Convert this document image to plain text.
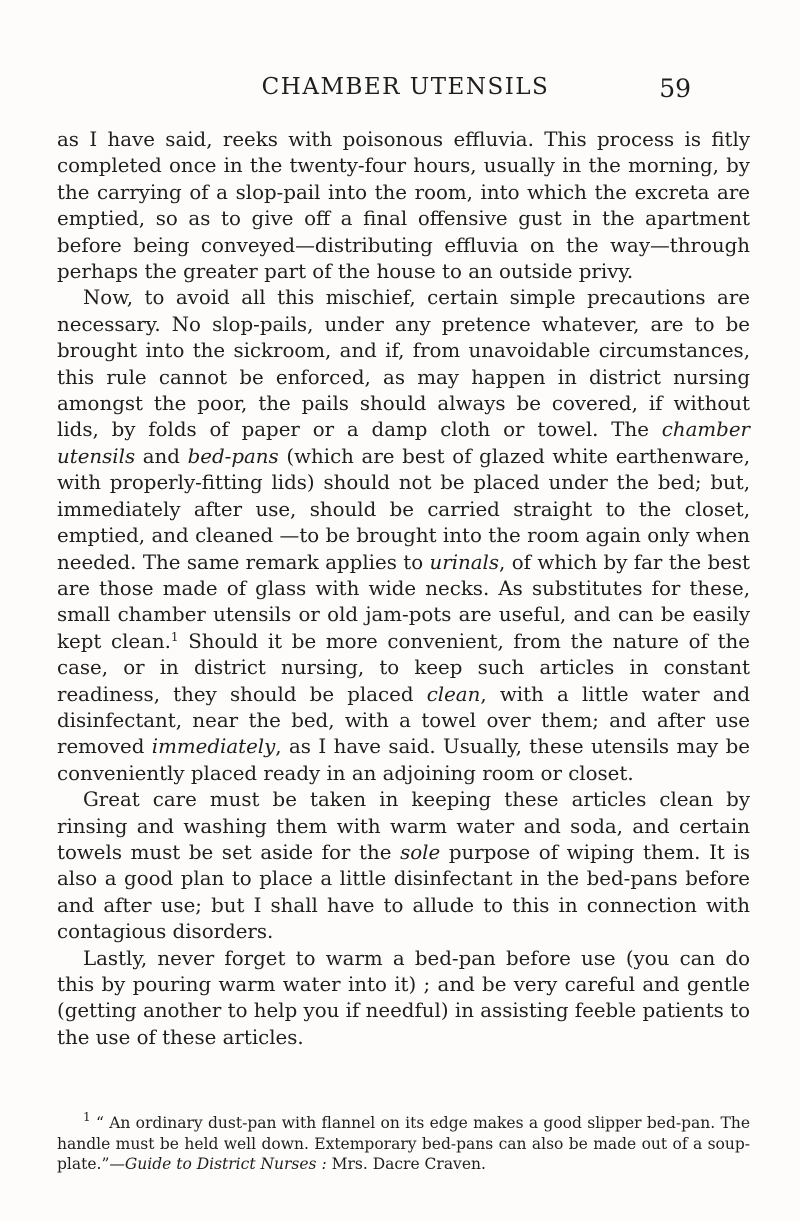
CHAMBER UTENSILS	59

as I have said, reeks with poisonous effluvia. This process is fitly completed once in the twenty-four hours, usually in the morning, by the carrying of a slop-pail into the room, into which the excreta are emptied, so as to give off a final offensive gust in the apartment before being conveyed—distributing effluvia on the way—through perhaps the greater part of the house to an outside privy.

Now, to avoid all this mischief, certain simple precautions are necessary. No slop-pails, under any pretence whatever, are to be brought into the sickroom, and if, from unavoidable circumstances, this rule cannot be enforced, as may happen in district nursing amongst the poor, the pails should always be covered, if without lids, by folds of paper or a damp cloth or towel. The chamber utensils and bed-pans (which are best of glazed white earthenware, with properly-fitting lids) should not be placed under the bed; but, immediately after use, should be carried straight to the closet, emptied, and cleaned —to be brought into the room again only when needed. The same remark applies to urinals, of which by far the best are those made of glass with wide necks. As substitutes for these, small chamber utensils or old jam-pots are useful, and can be easily kept clean.$^1$ Should it be more convenient, from the nature of the case, or in district nursing, to keep such articles in constant readiness, they should be placed clean, with a little water and disinfectant, near the bed, with a towel over them; and after use removed immediately, as I have said. Usually, these utensils may be conveniently placed ready in an adjoining room or closet.

Great care must be taken in keeping these articles clean by rinsing and washing them with warm water and soda, and certain towels must be set aside for the sole purpose of wiping them. It is also a good plan to place a little disinfectant in the bed-pans before and after use; but I shall have to allude to this in connection with contagious disorders.

Lastly, never forget to warm a bed-pan before use (you can do this by pouring warm water into it) ; and be very careful and gentle (getting another to help you if needful) in assisting feeble patients to the use of these articles.

$^1$ “ An ordinary dust-pan with flannel on its edge makes a good slipper bed-pan. The handle must be held well down. Extemporary bed-pans can also be made out of a soup-plate.”—Guide to District Nurses : Mrs. Dacre Craven.
